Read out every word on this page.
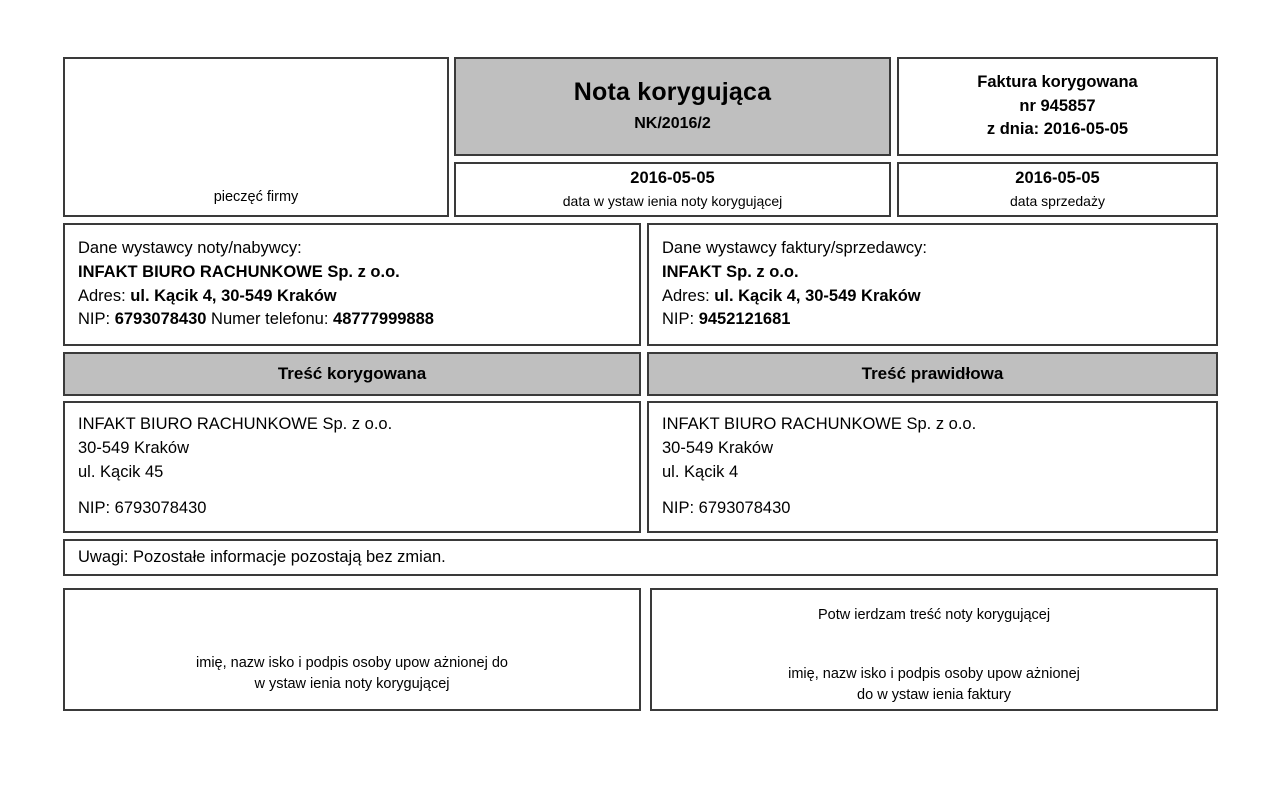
pieczęć firmy
Nota korygująca
NK/2016/2
2016-05-05
data w ystaw ienia noty korygującej
Faktura korygowana
nr 945857
z dnia: 2016-05-05
2016-05-05
data sprzedaży
Dane wystawcy noty/nabywcy:
INFAKT BIURO RACHUNKOWE Sp. z o.o.
Adres: ul. Kącik 4, 30-549 Kraków
NIP: 6793078430 Numer telefonu: 48777999888
Dane wystawcy faktury/sprzedawcy:
INFAKT Sp. z o.o.
Adres: ul. Kącik 4, 30-549 Kraków
NIP: 9452121681
Treść korygowana
INFAKT BIURO RACHUNKOWE Sp. z o.o.
30-549 Kraków
ul. Kącik 45
NIP: 6793078430
Treść prawidłowa
INFAKT BIURO RACHUNKOWE Sp. z o.o.
30-549 Kraków
ul. Kącik 4
NIP: 6793078430
Uwagi: Pozostałe informacje pozostają bez zmian.
imię, nazw isko i podpis osoby upow ażnionej do
w ystaw ienia noty korygującej
Potw ierdzam treść noty korygującej
imię, nazw isko i podpis osoby upow ażnionej
do w ystaw ienia faktury
